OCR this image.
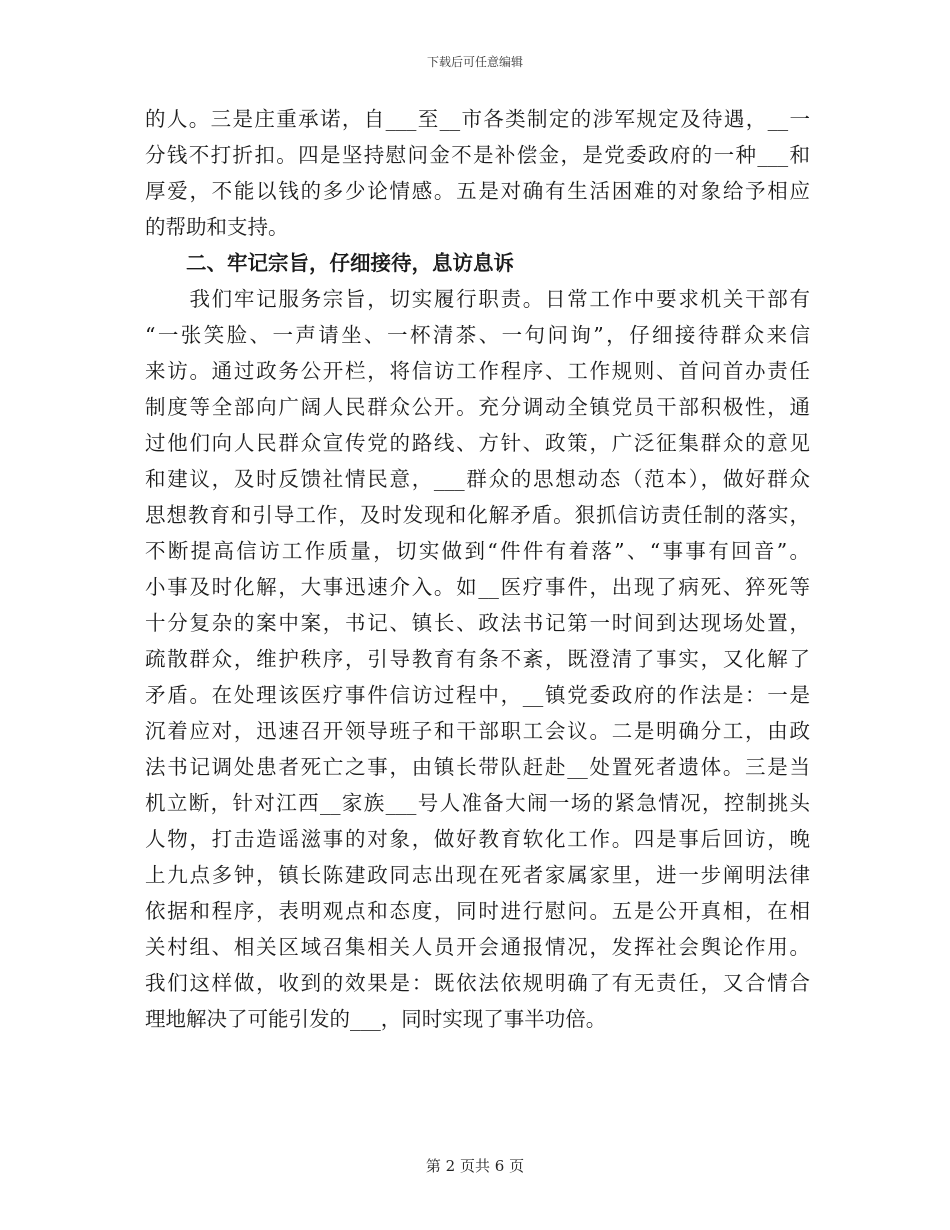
下载后可任意编辑
的人。三是庄重承诺，自___至__市各类制定的涉军规定及待遇，__一
分钱不打折扣。四是坚持慰问金不是补偿金，是党委政府的一种___和
厚爱，不能以钱的多少论情感。五是对确有生活困难的对象给予相应
的帮助和支持。
二、牢记宗旨，仔细接待，息访息诉
　　我们牢记服务宗旨，切实履行职责。日常工作中要求机关干部有
“一张笑脸、一声请坐、一杯清茶、一句问询”，仔细接待群众来信
来访。通过政务公开栏，将信访工作程序、工作规则、首问首办责任
制度等全部向广阔人民群众公开。充分调动全镇党员干部积极性，通
过他们向人民群众宣传党的路线、方针、政策，广泛征集群众的意见
和建议，及时反馈社情民意，___群众的思想动态（范本），做好群众
思想教育和引导工作，及时发现和化解矛盾。狠抓信访责任制的落实，
不断提高信访工作质量，切实做到“件件有着落”、“事事有回音”。
小事及时化解，大事迅速介入。如__医疗事件，出现了病死、猝死等
十分复杂的案中案，书记、镇长、政法书记第一时间到达现场处置，
疏散群众，维护秩序，引导教育有条不紊，既澄清了事实，又化解了
矛盾。在处理该医疗事件信访过程中，__镇党委政府的作法是：一是
沉着应对，迅速召开领导班子和干部职工会议。二是明确分工，由政
法书记调处患者死亡之事，由镇长带队赶赴__处置死者遗体。三是当
机立断，针对江西__家族___号人准备大闹一场的紧急情况，控制挑头
人物，打击造谣滋事的对象，做好教育软化工作。四是事后回访，晚
上九点多钟，镇长陈建政同志出现在死者家属家里，进一步阐明法律
依据和程序，表明观点和态度，同时进行慰问。五是公开真相，在相
关村组、相关区域召集相关人员开会通报情况，发挥社会舆论作用。
我们这样做，收到的效果是：既依法依规明确了有无责任，又合情合
理地解决了可能引发的___，同时实现了事半功倍。
第 2 页共 6 页
